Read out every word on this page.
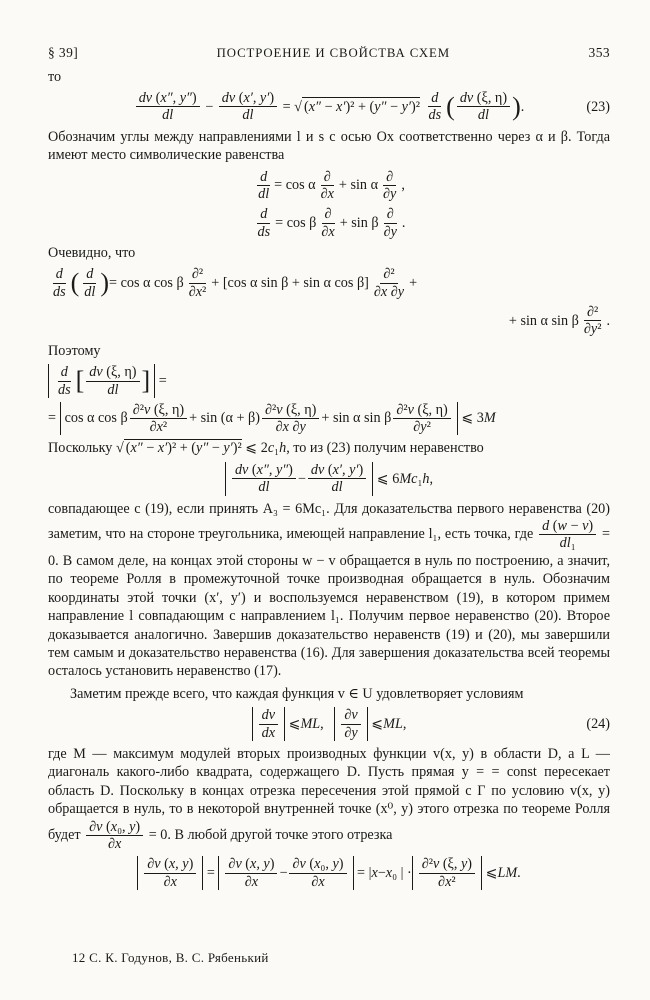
§ 39]	ПОСТРОЕНИЕ И СВОЙСТВА СХЕМ	353
то
$\frac{dv (x'', y'')}{dl} - \frac{dv (x', y')}{dl}$ = √ (x″ − x′)² + (y″ − y′)²
$\frac{d}{ds}$ ( $\frac{dv (\xi, \eta)}{dl}$ ) .	(23)

Обозначим углы между направлениями l и s с осью Ox соответственно через α и β. Тогда имеют место символические равенства

$\frac{d}{dl} = \cos \alpha \frac{\partial}{\partial x} + \sin \alpha \frac{\partial}{\partial y}$ ,
$\frac{d}{ds} = \cos \beta \frac{\partial}{\partial x} + \sin \beta \frac{\partial}{\partial y}$ .

Очевидно, что

$\frac{d}{ds}$ ( $\frac{d}{dl}$ ) = cos α cos β $\frac{\text{∂²}}{\text{∂x²}} + [\cos$ α sin β + sin α $\cos \beta] \frac{\text{∂²}}{\partial x \partial y}$ +
+ sin α sin β $\frac{\text{∂²}}{\text{∂y²}}$ .

Поэтому

$\frac{d}{ds}$ [ $\frac{dv (\xi, \eta)}{dl}$ ] =
= cos α cos β $\frac{\text{∂²v (ξ, η)}}{\text{∂x²}} + \sin (\alpha + \beta) \frac{\text{∂²v (ξ, η)}}{\partial x \partial y} + \sin \alpha$ sin β $\frac{\text{∂²v (ξ, η)}}{\text{∂y²}}$ ⩽ 3 M

Поскольку √ (x″ − x′)² + (y″ − y′)² ⩽ 2c₁h, то из (23) получим неравенство

$\frac{dv (x'', y'')}{dl} - \frac{dv (x', y')}{dl}$ ⩽ 6 Mc ₁ h ,

совпадающее с (19), если принять A₃ = 6Mc₁. Для доказательства первого неравенства (20) заметим, что на стороне треугольника, имеющей направление l₁, есть точка, где $\frac{d (w - v)}{\text{dl₁}} = 0$. В самом деле, на концах этой стороны w − v обращается в нуль по построению, а значит, по теореме Ролля в промежуточной точке производная обращается в нуль. Обозначим координаты этой точки (x′, y′) и воспользуемся неравенством (19), в котором примем направление l совпадающим с направлением l₁. Получим первое неравенство (20). Второе доказывается аналогично. Завершив доказательство неравенств (19) и (20), мы завершили тем самым и доказательство неравенства (16). Для завершения доказательства всей теоремы осталось установить неравенство (17).

Заметим прежде всего, что каждая функция v ∈ U удовлетворяет условиям

$\frac{dv}{dx}$ ⩽ ML , $\frac{\partial v}{\partial y}$ ⩽ ML ,	(24)

где M — максимум модулей вторых производных функции v(x, y) в области D, а L — диагональ какого-либо квадрата, содержащего D. Пусть прямая y = = const пересекает область D. Поскольку в концах отрезка пересечения этой прямой с Γ по условию v(x, y) обращается в нуль, то в некоторой внутренней точке (x⁰, y) этого отрезка по теореме Ролля будет $\frac{\text{∂v (x₀, y)}}{\partial x} = 0$. В любой другой точке этого отрезка

$\frac{\partial v (x, y)}{\partial x} = \frac{\partial v (x, y)}{\partial x} - \frac{\text{∂v (x₀, y)}}{\partial x}$ = | x − x ₀ | · $\frac{\text{∂²v (ξ, y)}}{\text{∂x²}}$ ⩽ LM .
12 С. К. Годунов, В. С. Рябенький
